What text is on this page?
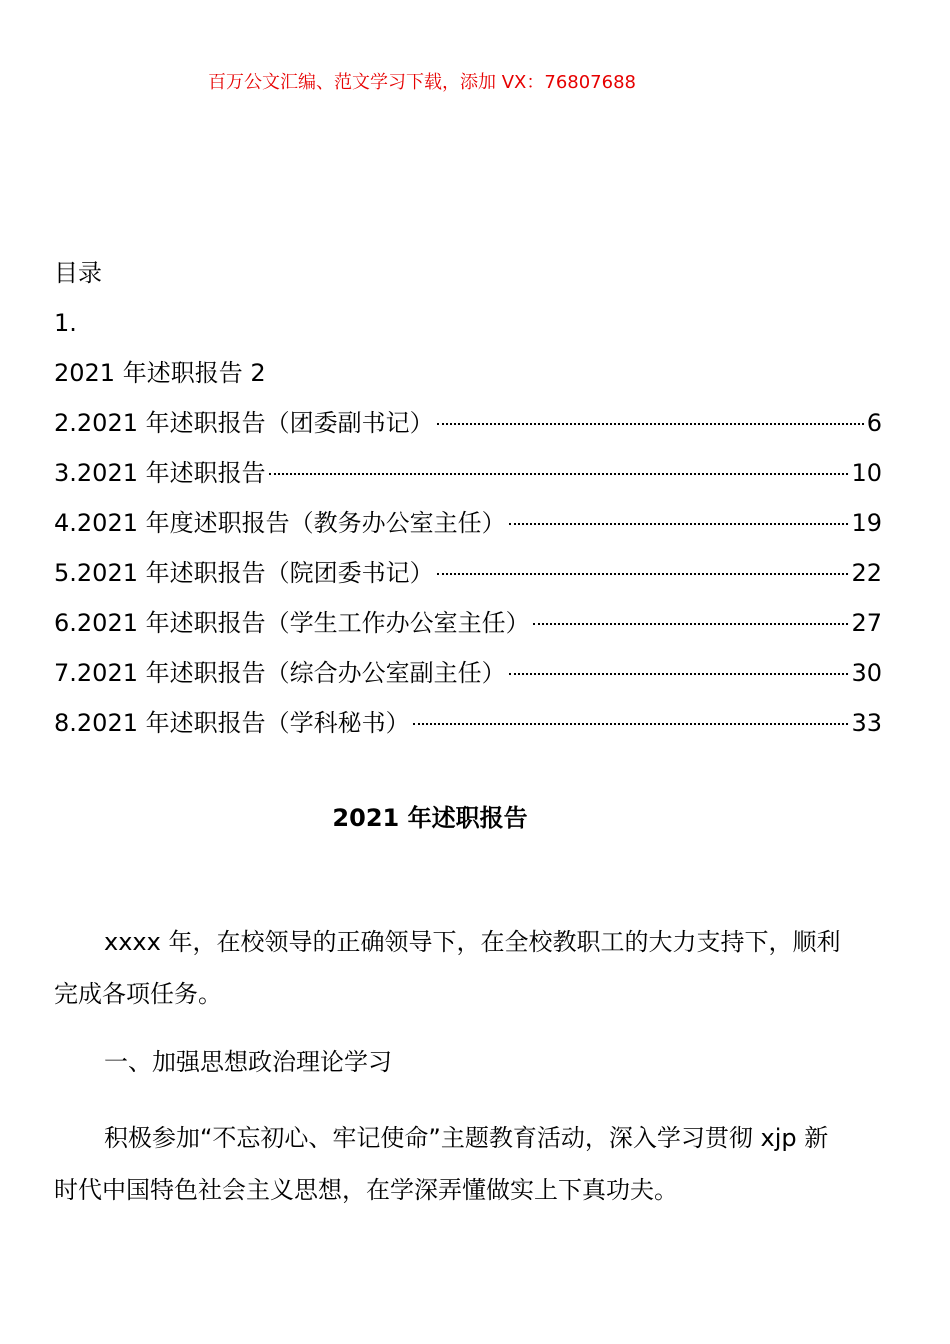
百万公文汇编、范文学习下载，添加 VX：76807688
目录
1.
2021 年述职报告 2
2.2021 年述职报告（团委副书记）	6
3.2021 年述职报告	10
4.2021 年度述职报告（教务办公室主任）	19
5.2021 年述职报告（院团委书记）	22
6.2021 年述职报告（学生工作办公室主任）	27
7.2021 年述职报告（综合办公室副主任）	30
8.2021 年述职报告（学科秘书）	33
2021 年述职报告

xxxx 年，在校领导的正确领导下，在全校教职工的大力支持下，顺利完成各项任务。

一、加强思想政治理论学习

积极参加“不忘初心、牢记使命”主题教育活动，深入学习贯彻 xjp 新时代中国特色社会主义思想，在学深弄懂做实上下真功夫。
